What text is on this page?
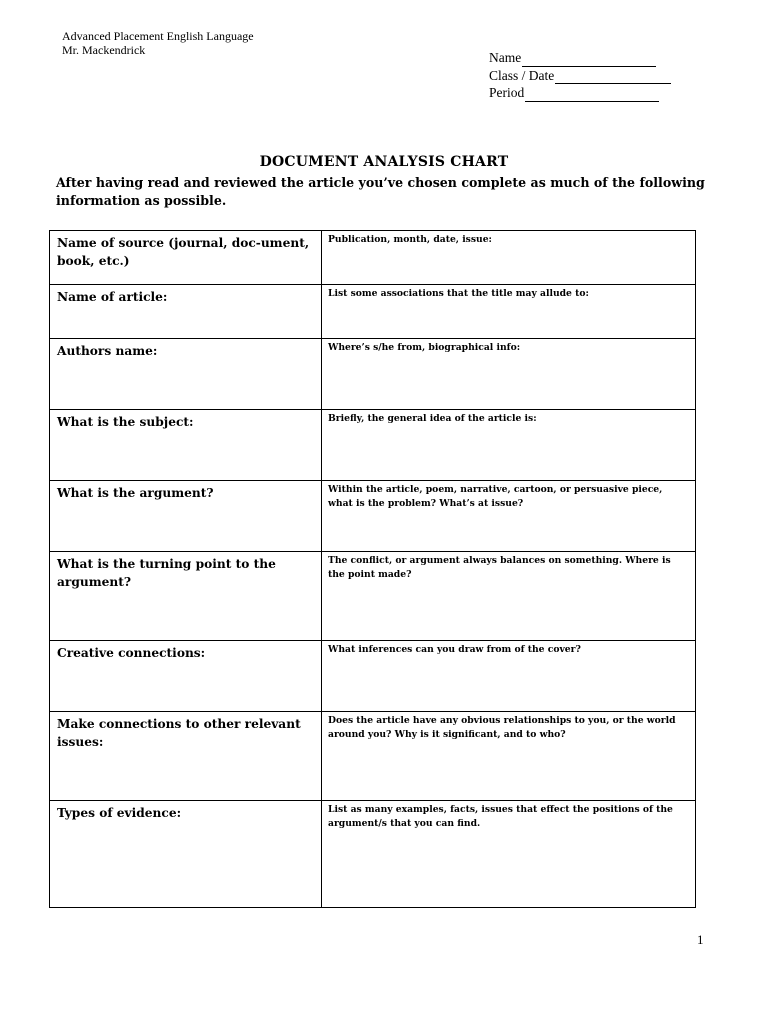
Advanced Placement English Language
Mr. Mackendrick	Name
Class / Date
Period
DOCUMENT ANALYSIS CHART
After having read and reviewed the article you’ve chosen complete as much of the following information as possible.
Name of source (journal, doc-ument, book, etc.)	Publication, month, date, issue:
Name of article:	List some associations that the title may allude to:
Authors name:	Where’s s/he from, biographical info:
What is the subject:	Briefly, the general idea of the article is:
What is the argument?	Within the article, poem, narrative, cartoon, or persuasive piece, what is the problem? What’s at issue?
What is the turning point to the argument?	The conflict, or argument always balances on something. Where is the point made?
Creative connections:	What inferences can you draw from of the cover?
Make connections to other relevant issues:	Does the article have any obvious relationships to you, or the world around you? Why is it significant, and to who?
Types of evidence:	List as many examples, facts, issues that effect the positions of the argument/s that you can find.
1
